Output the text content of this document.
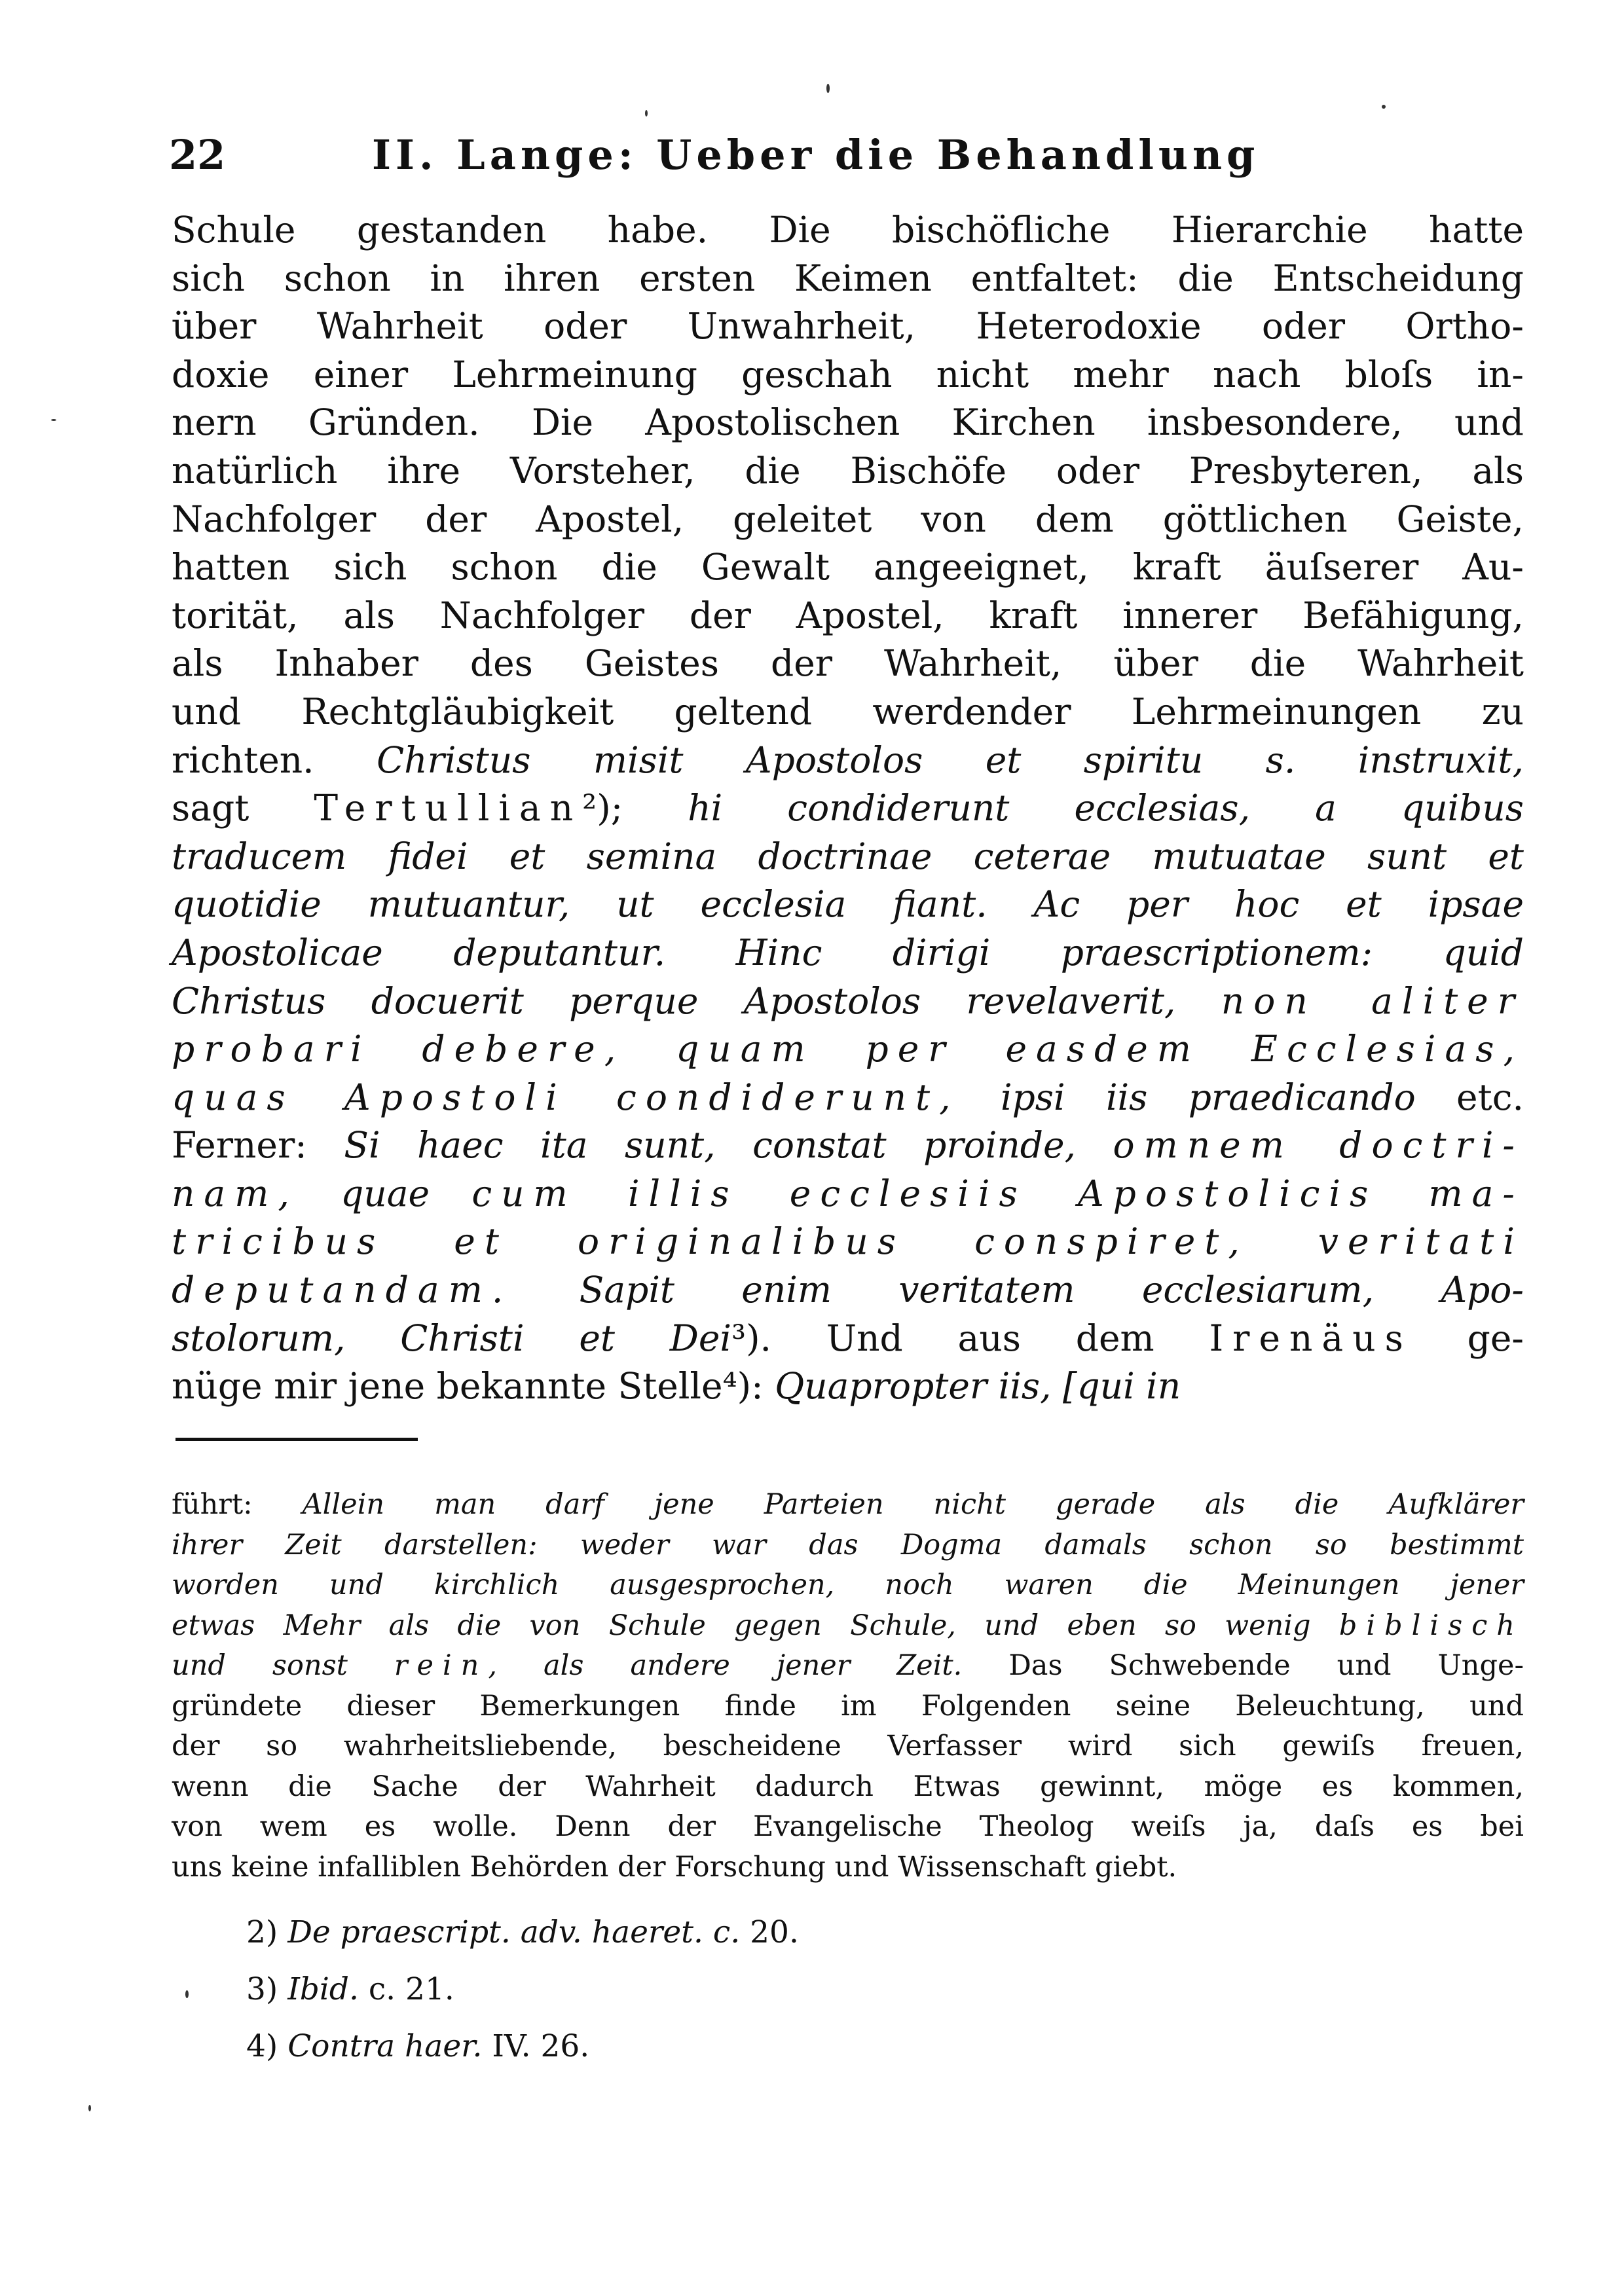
22	II. Lange: Ueber die Behandlung
Schule gestanden habe. Die bischöfliche Hierarchie hatte
sich schon in ihren ersten Keimen entfaltet: die Entscheidung
über Wahrheit oder Unwahrheit, Heterodoxie oder Ortho-
doxie einer Lehrmeinung geschah nicht mehr nach bloſs in-
nern Gründen. Die Apostolischen Kirchen insbesondere, und
natürlich ihre Vorsteher, die Bischöfe oder Presbyteren, als
Nachfolger der Apostel, geleitet von dem göttlichen Geiste,
hatten sich schon die Gewalt angeeignet, kraft äuſserer Au-
torität, als Nachfolger der Apostel, kraft innerer Befähigung,
als Inhaber des Geistes der Wahrheit, über die Wahrheit
und Rechtgläubigkeit geltend werdender Lehrmeinungen zu
richten. Christus misit Apostolos et spiritu s. instruxit,
sagt Tertullian²); hi condiderunt ecclesias, a quibus
traducem fidei et semina doctrinae ceterae mutuatae sunt et
quotidie mutuantur, ut ecclesia fiant. Ac per hoc et ipsae
Apostolicae deputantur. Hinc dirigi praescriptionem: quid
Christus docuerit perque Apostolos revelaverit, non aliter
probari debere, quam per easdem Ecclesias,
quas Apostoli condiderunt, ipsi iis praedicando etc.
Ferner: Si haec ita sunt, constat proinde, omnem doctri-
nam, quae cum illis ecclesiis Apostolicis ma-
tricibus et originalibus conspiret, veritati
deputandam. Sapit enim veritatem ecclesiarum, Apo-
stolorum, Christi et Dei³). Und aus dem Irenäus ge-
nüge mir jene bekannte Stelle⁴): Quapropter iis, [qui in
führt: Allein man darf jene Parteien nicht gerade als die Aufklärer
ihrer Zeit darstellen: weder war das Dogma damals schon so bestimmt
worden und kirchlich ausgesprochen, noch waren die Meinungen jener
etwas Mehr als die von Schule gegen Schule, und eben so wenig biblisch
und sonst rein, als andere jener Zeit. Das Schwebende und Unge-
gründete dieser Bemerkungen finde im Folgenden seine Beleuchtung, und
der so wahrheitsliebende, bescheidene Verfasser wird sich gewiſs freuen,
wenn die Sache der Wahrheit dadurch Etwas gewinnt, möge es kommen,
von wem es wolle. Denn der Evangelische Theolog weiſs ja, daſs es bei
uns keine infalliblen Behörden der Forschung und Wissenschaft giebt.
2) De praescript. adv. haeret. c. 20.
3) Ibid. c. 21.
4) Contra haer. IV. 26.
